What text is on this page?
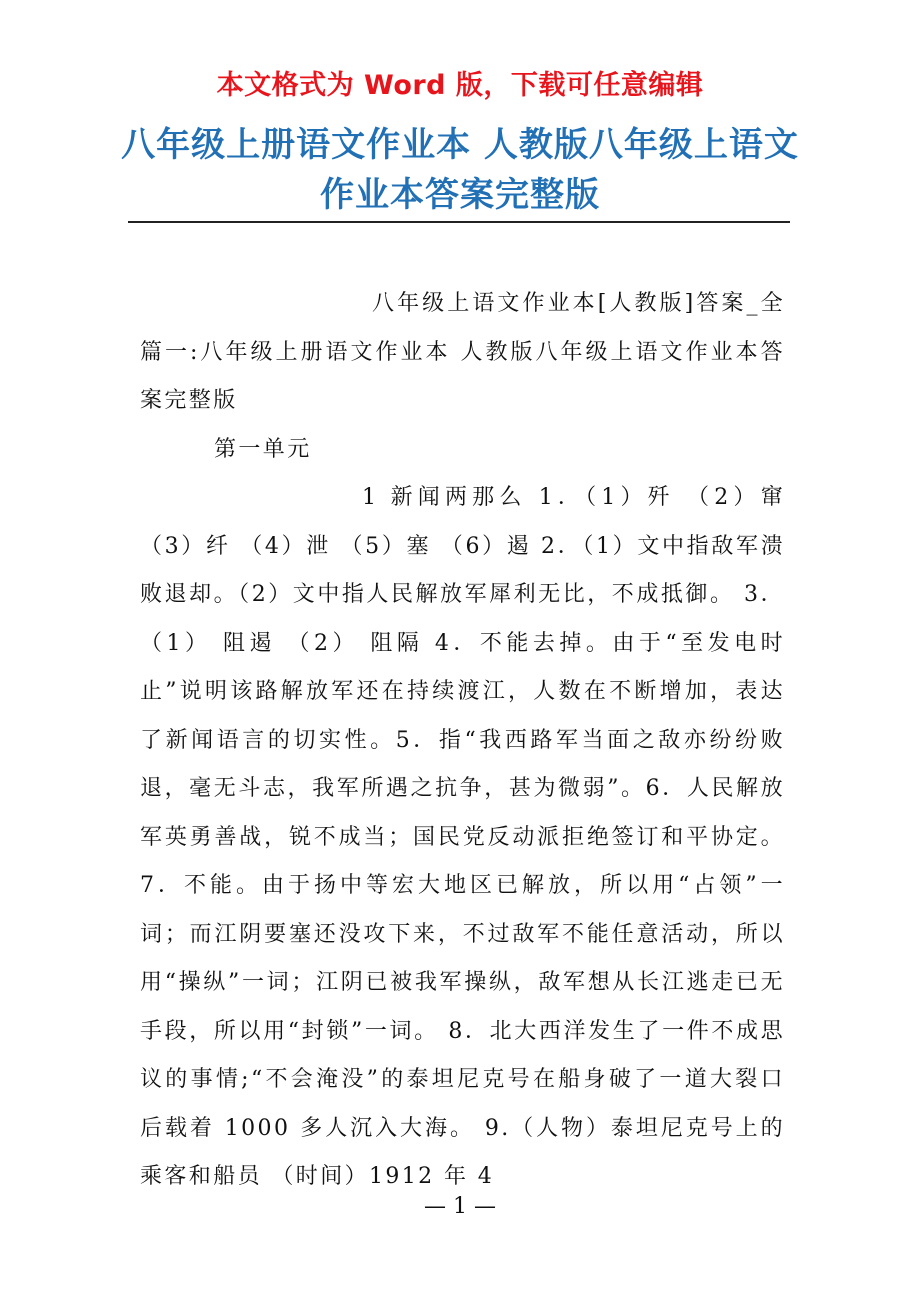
本文格式为 Word 版，下载可任意编辑
八年级上册语文作业本 人教版八年级上语文作业本答案完整版

八年级上语文作业本[人教版]答案_全篇一:八年级上册语文作业本 人教版八年级上语文作业本答案完整版

第一单元

1 新闻两那么 1．（1）歼 （2）窜 （3）纤 （4）泄 （5）塞 （6）遏 2．（1）文中指敌军溃败退却。（2）文中指人民解放军犀利无比，不成抵御。 3．（1） 阻遏 （2） 阻隔 4．不能去掉。由于“至发电时止”说明该路解放军还在持续渡江，人数在不断增加，表达了新闻语言的切实性。5．指“我西路军当面之敌亦纷纷败退，毫无斗志，我军所遇之抗争，甚为微弱”。6．人民解放军英勇善战，锐不成当；国民党反动派拒绝签订和平协定。 7．不能。由于扬中等宏大地区已解放，所以用“占领”一词；而江阴要塞还没攻下来，不过敌军不能任意活动，所以用“操纵”一词；江阴已被我军操纵，敌军想从长江逃走已无手段，所以用“封锁”一词。 8．北大西洋发生了一件不成思议的事情;“不会淹没”的泰坦尼克号在船身破了一道大裂口后载着 1000 多人沉入大海。 9.（人物）泰坦尼克号上的乘客和船员 （时间）1912 年 4

— 1 —
